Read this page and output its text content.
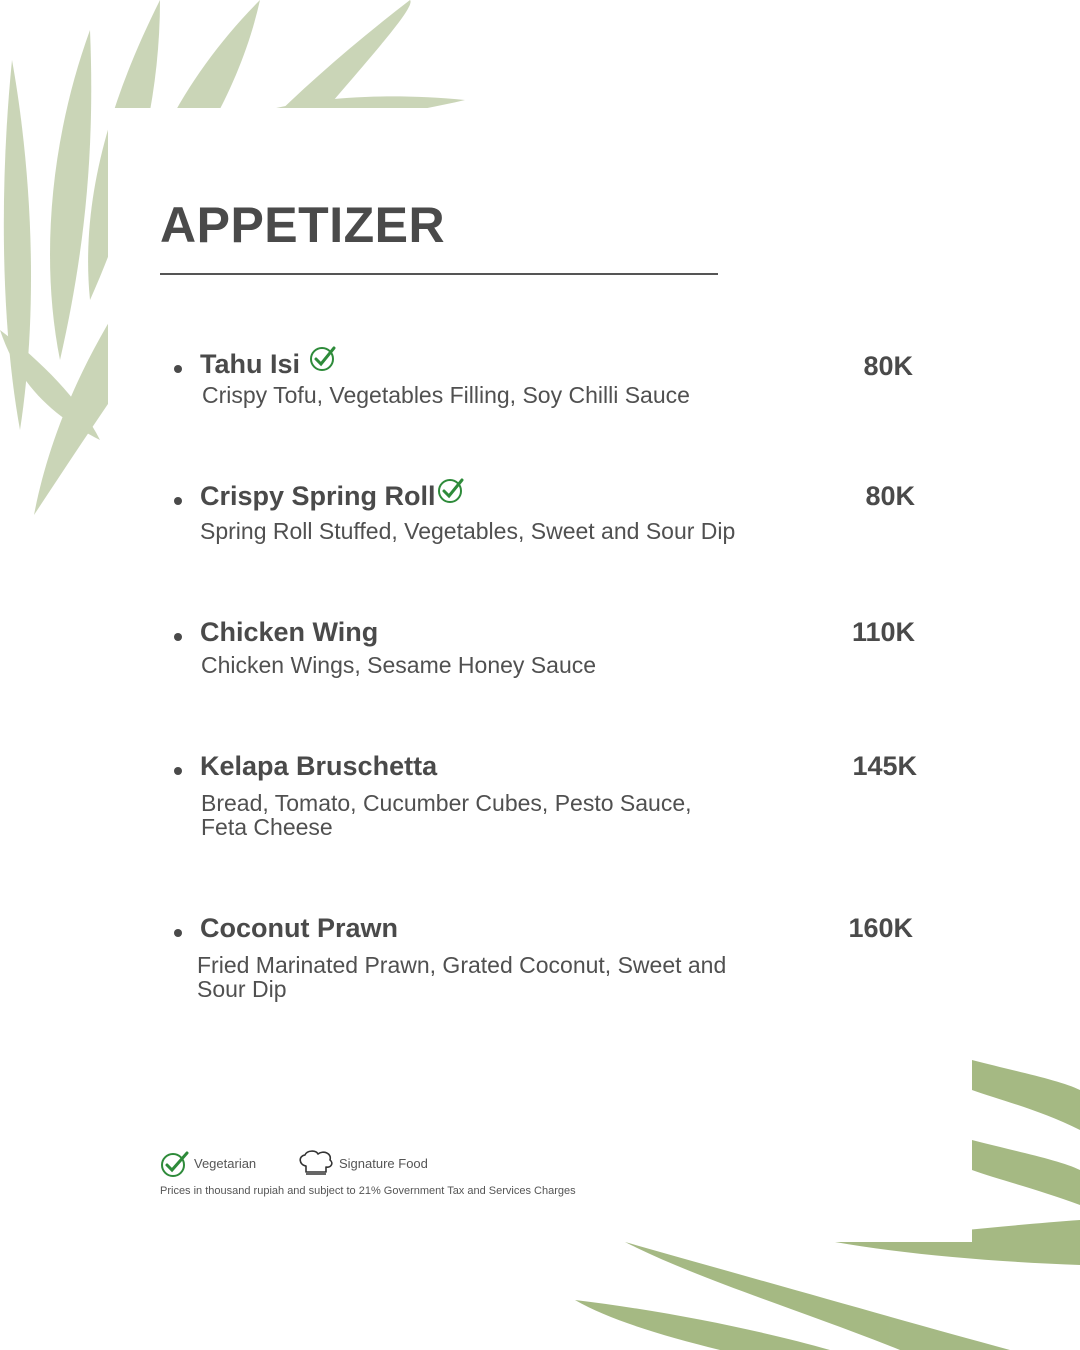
APPETIZER
Tahu Isi
Crispy Tofu, Vegetables Filling, Soy Chilli Sauce
80K
Crispy Spring Roll
Spring Roll Stuffed, Vegetables, Sweet and Sour Dip
80K
Chicken Wing
Chicken Wings, Sesame Honey Sauce
110K
Kelapa Bruschetta
Bread, Tomato, Cucumber Cubes, Pesto Sauce, Feta Cheese
145K
Coconut Prawn
Fried Marinated Prawn, Grated Coconut, Sweet and Sour Dip
160K
Vegetarian	Signature Food
Prices in thousand rupiah and subject to 21% Government Tax and Services Charges
